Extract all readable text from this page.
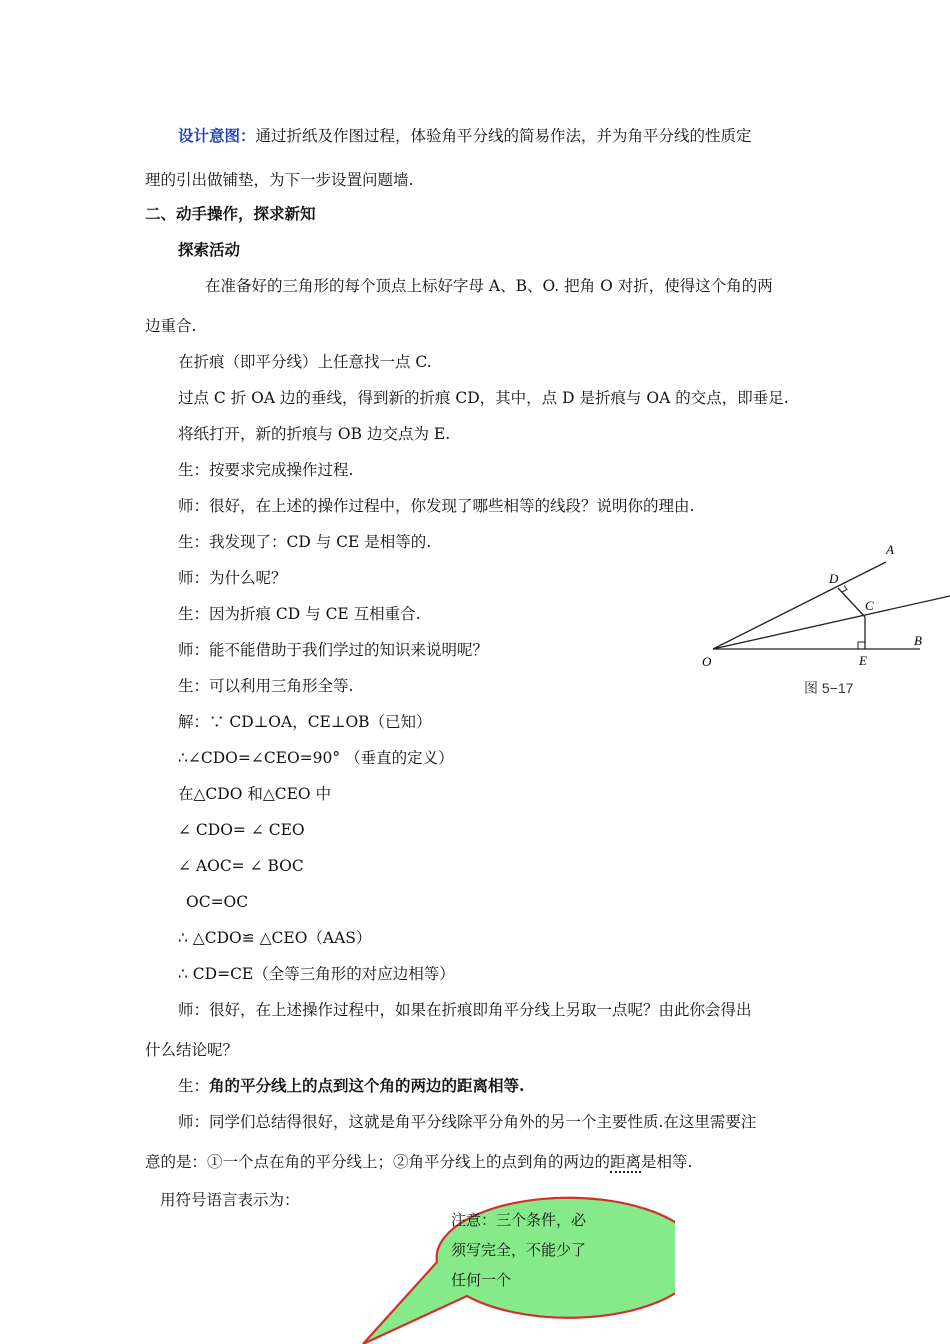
设计意图：通过折纸及作图过程，体验角平分线的简易作法，并为角平分线的性质定
理的引出做铺垫，为下一步设置问题墙.
二、动手操作，探求新知
探索活动
在准备好的三角形的每个顶点上标好字母 A、B、O. 把角 O 对折，使得这个角的两
边重合.
在折痕（即平分线）上任意找一点 C.
过点 C 折 OA 边的垂线，得到新的折痕 CD，其中，点 D 是折痕与 OA 的交点，即垂足.
将纸打开，新的折痕与 OB 边交点为 E.
生：按要求完成操作过程.
师：很好，在上述的操作过程中，你发现了哪些相等的线段？说明你的理由.
生：我发现了：CD 与 CE 是相等的.
师：为什么呢？
生：因为折痕 CD 与 CE 互相重合.
师：能不能借助于我们学过的知识来说明呢？
生：可以利用三角形全等.
解：∵ CD⊥OA，CE⊥OB（已知）
∴∠CDO=∠CEO=90° （垂直的定义）
在△CDO 和△CEO 中
∠ CDO= ∠ CEO
∠ AOC= ∠ BOC
OC=OC
∴ △CDO≌ △CEO（AAS）
∴ CD=CE（全等三角形的对应边相等）
师：很好，在上述操作过程中，如果在折痕即角平分线上另取一点呢？由此你会得出
什么结论呢？
生：角的平分线上的点到这个角的两边的距离相等.
师：同学们总结得很好，这就是角平分线除平分角外的另一个主要性质.在这里需要注
意的是：①一个点在角的平分线上；②角平分线上的点到角的两边的距离是相等.
用符号语言表示为：
A
B
C
D
E
O
图 5−17
注意：三个条件，必
须写完全，不能少了
任何一个
